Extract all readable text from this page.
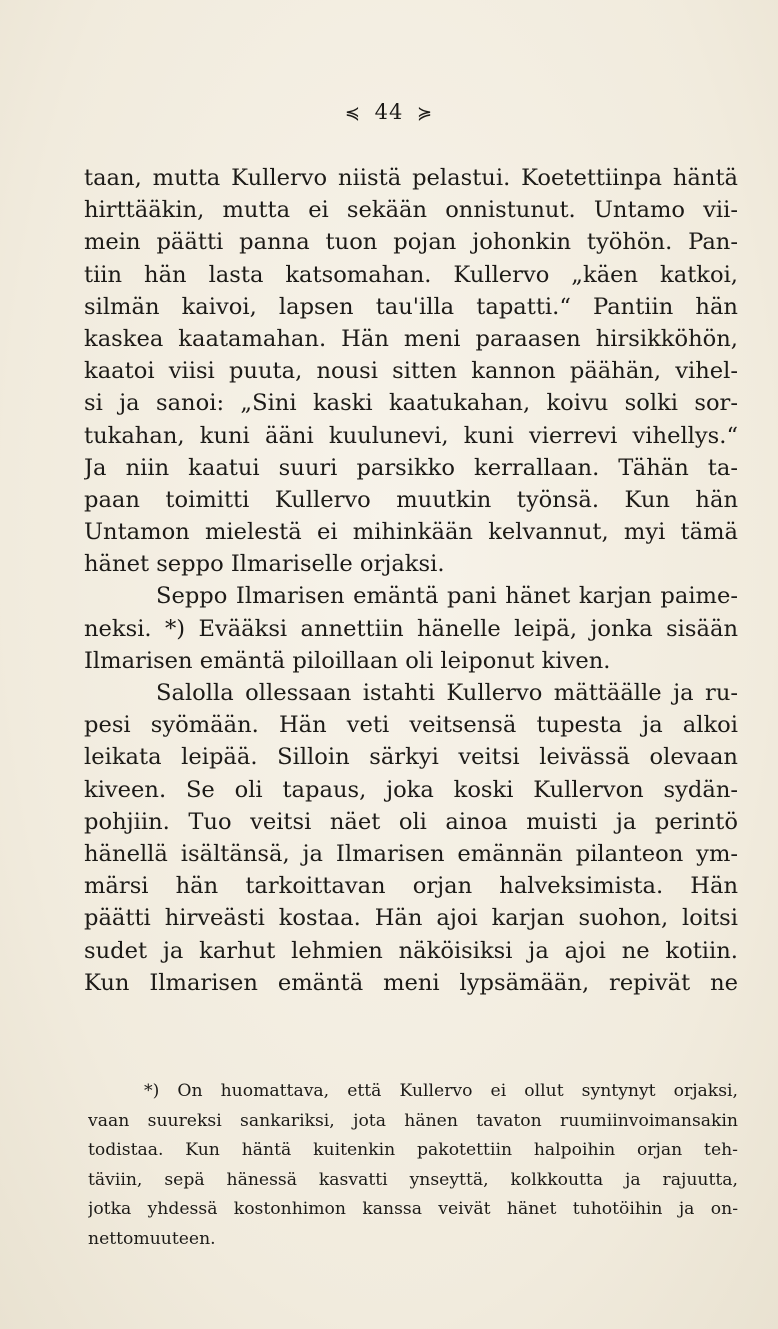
≼ 44 ≽
taan, mutta Kullervo niistä pelastui. Koetettiinpa häntä
hirttääkin, mutta ei sekään onnistunut. Untamo vii-
mein päätti panna tuon pojan johonkin työhön. Pan-
tiin hän lasta katsomahan. Kullervo „käen katkoi,
silmän kaivoi, lapsen tau'illa tapatti.“ Pantiin hän
kaskea kaatamahan. Hän meni paraasen hirsikköhön,
kaatoi viisi puuta, nousi sitten kannon päähän, vihel-
si ja sanoi: „Sini kaski kaatukahan, koivu solki sor-
tukahan, kuni ääni kuulunevi, kuni vierrevi vihellys.“
Ja niin kaatui suuri parsikko kerrallaan. Tähän ta-
paan toimitti Kullervo muutkin työnsä. Kun hän
Untamon mielestä ei mihinkään kelvannut, myi tämä
hänet seppo Ilmariselle orjaksi.
Seppo Ilmarisen emäntä pani hänet karjan paime-
neksi. *) Evääksi annettiin hänelle leipä, jonka sisään
Ilmarisen emäntä piloillaan oli leiponut kiven.
Salolla ollessaan istahti Kullervo mättäälle ja ru-
pesi syömään. Hän veti veitsensä tupesta ja alkoi
leikata leipää. Silloin särkyi veitsi leivässä olevaan
kiveen. Se oli tapaus, joka koski Kullervon sydän-
pohjiin. Tuo veitsi näet oli ainoa muisti ja perintö
hänellä isältänsä, ja Ilmarisen emännän pilanteon ym-
märsi hän tarkoittavan orjan halveksimista. Hän
päätti hirveästi kostaa. Hän ajoi karjan suohon, loitsi
sudet ja karhut lehmien näköisiksi ja ajoi ne kotiin.
Kun Ilmarisen emäntä meni lypsämään, repivät ne
*) On huomattava, että Kullervo ei ollut syntynyt orjaksi,
vaan suureksi sankariksi, jota hänen tavaton ruumiinvoimansakin
todistaa. Kun häntä kuitenkin pakotettiin halpoihin orjan teh-
täviin, sepä hänessä kasvatti ynseyttä, kolkkoutta ja rajuutta,
jotka yhdessä kostonhimon kanssa veivät hänet tuhotöihin ja on-
nettomuuteen.
